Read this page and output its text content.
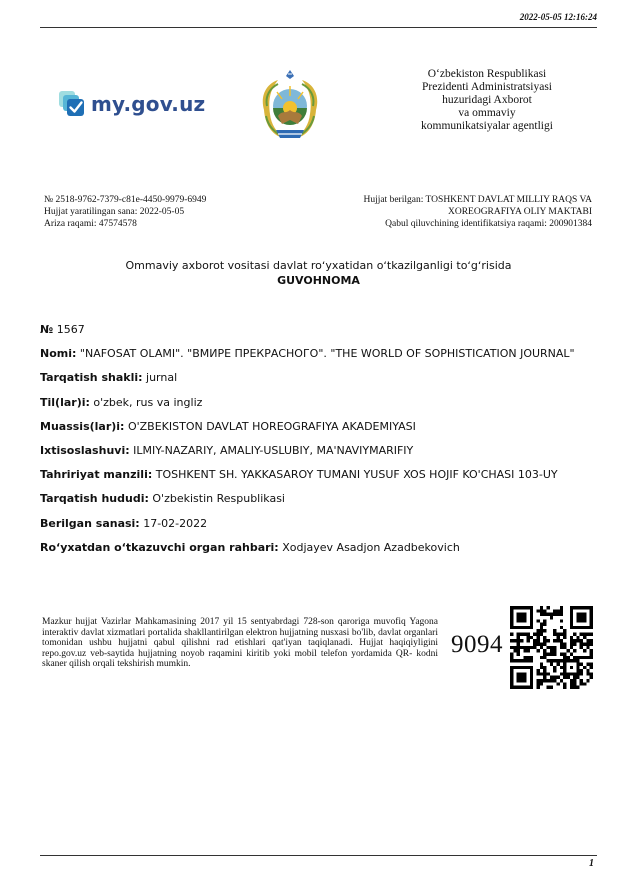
2022-05-05 12:16:24
my.gov.uz
O‘zbekiston Respublikasi
Prezidenti Administratsiyasi
huzuridagi Axborot
va ommaviy
kommunikatsiyalar agentligi
№ 2518-9762-7379-c81e-4450-9979-6949
Hujjat yaratilingan sana: 2022-05-05
Ariza raqami: 47574578
Hujjat berilgan: TOSHKENT DAVLAT MILLIY RAQS VA XOREOGRAFIYA OLIY MAKTABI
Qabul qiluvchining identifikatsiya raqami: 200901384
Ommaviy axborot vositasi davlat roʻyxatidan oʻtkazilganligi toʻgʻrisida
GUVOHNOMA
№ 1567
Nomi: "NAFOSAT OLAMI". "ВМИРЕ ПРЕКРАСНОГО". "THE WORLD OF SOPHISTICATION JOURNAL"
Tarqatish shakli: jurnal
Til(lar)i: o'zbek, rus va ingliz
Muassis(lar)i: O'ZBEKISTON DAVLAT HOREOGRAFIYA AKADEMIYASI
Ixtisoslashuvi: ILMIY-NAZARIY, AMALIY-USLUBIY, MA'NAVIYMARIFIY
Tahririyat manzili: TOSHKENT SH. YAKKASAROY TUMANI YUSUF XOS HOJIF KO'CHASI 103-UY
Tarqatish hududi: O'zbekistin Respublikasi
Berilgan sanasi: 17-02-2022
Roʻyxatdan oʻtkazuvchi organ rahbari: Xodjayev Asadjon Azadbekovich
Mazkur hujjat Vazirlar Mahkamasining 2017 yil 15 sentyabrdagi 728-son qaroriga muvofiq Yagona interaktiv davlat xizmatlari portalida shakllantirilgan elektron hujjatning nusxasi bo'lib, davlat organlari tomonidan ushbu hujjatni qabul qilishni rad etishlari qat'iyan taqiqlanadi. Hujjat haqiqiyligini repo.gov.uz veb-saytida hujjatning noyob raqamini kiritib yoki mobil telefon yordamida QR- kodni skaner qilish orqali tekshirish mumkin.
9094
1
